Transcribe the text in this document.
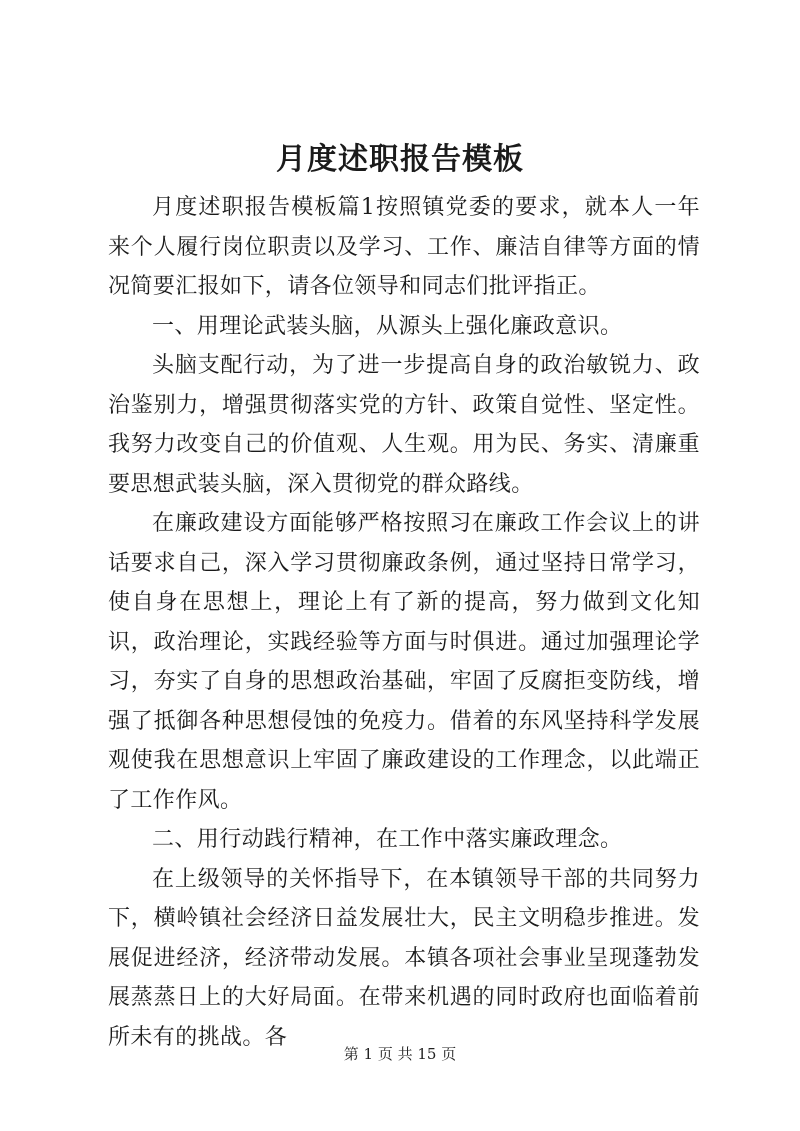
月度述职报告模板

月度述职报告模板篇1按照镇党委的要求，就本人一年来个人履行岗位职责以及学习、工作、廉洁自律等方面的情况简要汇报如下，请各位领导和同志们批评指正。

一、用理论武装头脑，从源头上强化廉政意识。

头脑支配行动，为了进一步提高自身的政治敏锐力、政治鉴别力，增强贯彻落实党的方针、政策自觉性、坚定性。我努力改变自己的价值观、人生观。用为民、务实、清廉重要思想武装头脑，深入贯彻党的群众路线。

在廉政建设方面能够严格按照习在廉政工作会议上的讲话要求自己，深入学习贯彻廉政条例，通过坚持日常学习，使自身在思想上，理论上有了新的提高，努力做到文化知识，政治理论，实践经验等方面与时俱进。通过加强理论学习，夯实了自身的思想政治基础，牢固了反腐拒变防线，增强了抵御各种思想侵蚀的免疫力。借着的东风坚持科学发展观使我在思想意识上牢固了廉政建设的工作理念，以此端正了工作作风。

二、用行动践行精神，在工作中落实廉政理念。

在上级领导的关怀指导下，在本镇领导干部的共同努力下，横岭镇社会经济日益发展壮大，民主文明稳步推进。发展促进经济，经济带动发展。本镇各项社会事业呈现蓬勃发展蒸蒸日上的大好局面。在带来机遇的同时政府也面临着前所未有的挑战。各

第 1 页 共 15 页
